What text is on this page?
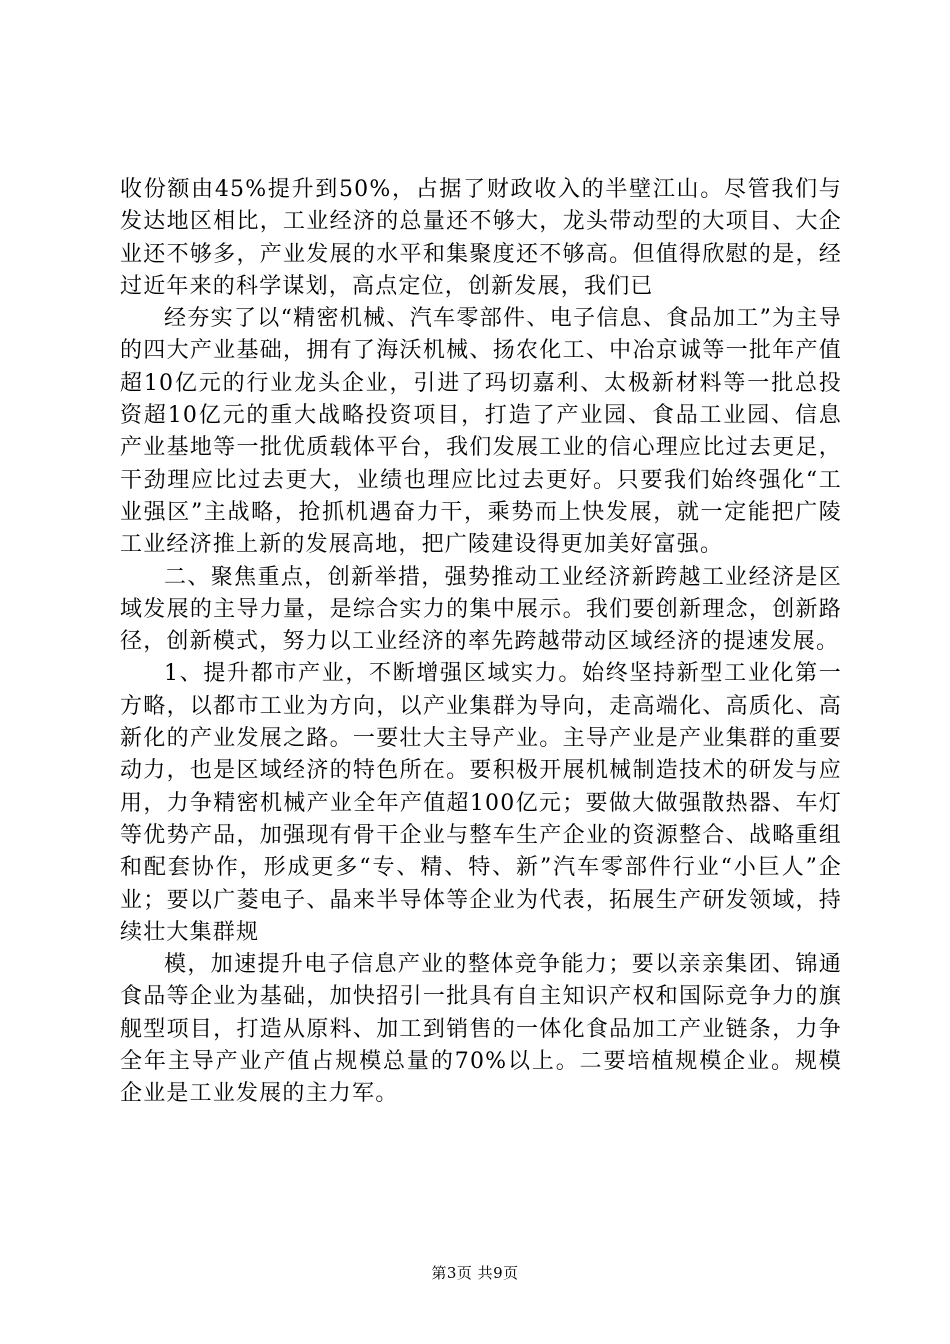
收份额由45%提升到50%，占据了财政收入的半壁江山。尽管我们与发达地区相比，工业经济的总量还不够大，龙头带动型的大项目、大企业还不够多，产业发展的水平和集聚度还不够高。但值得欣慰的是，经过近年来的科学谋划，高点定位，创新发展，我们已

经夯实了以“精密机械、汽车零部件、电子信息、食品加工”为主导的四大产业基础，拥有了海沃机械、扬农化工、中冶京诚等一批年产值超10亿元的行业龙头企业，引进了玛切嘉利、太极新材料等一批总投资超10亿元的重大战略投资项目，打造了产业园、食品工业园、信息产业基地等一批优质载体平台，我们发展工业的信心理应比过去更足，干劲理应比过去更大，业绩也理应比过去更好。只要我们始终强化“工业强区”主战略，抢抓机遇奋力干，乘势而上快发展，就一定能把广陵工业经济推上新的发展高地，把广陵建设得更加美好富强。

二、聚焦重点，创新举措，强势推动工业经济新跨越工业经济是区域发展的主导力量，是综合实力的集中展示。我们要创新理念，创新路径，创新模式，努力以工业经济的率先跨越带动区域经济的提速发展。

1、提升都市产业，不断增强区域实力。始终坚持新型工业化第一方略，以都市工业为方向，以产业集群为导向，走高端化、高质化、高新化的产业发展之路。一要壮大主导产业。主导产业是产业集群的重要动力，也是区域经济的特色所在。要积极开展机械制造技术的研发与应用，力争精密机械产业全年产值超100亿元；要做大做强散热器、车灯等优势产品，加强现有骨干企业与整车生产企业的资源整合、战略重组和配套协作，形成更多“专、精、特、新”汽车零部件行业“小巨人”企业；要以广菱电子、晶来半导体等企业为代表，拓展生产研发领域，持续壮大集群规

模，加速提升电子信息产业的整体竞争能力；要以亲亲集团、锦通食品等企业为基础，加快招引一批具有自主知识产权和国际竞争力的旗舰型项目，打造从原料、加工到销售的一体化食品加工产业链条，力争全年主导产业产值占规模总量的70%以上。二要培植规模企业。规模企业是工业发展的主力军。

第3页 共9页
